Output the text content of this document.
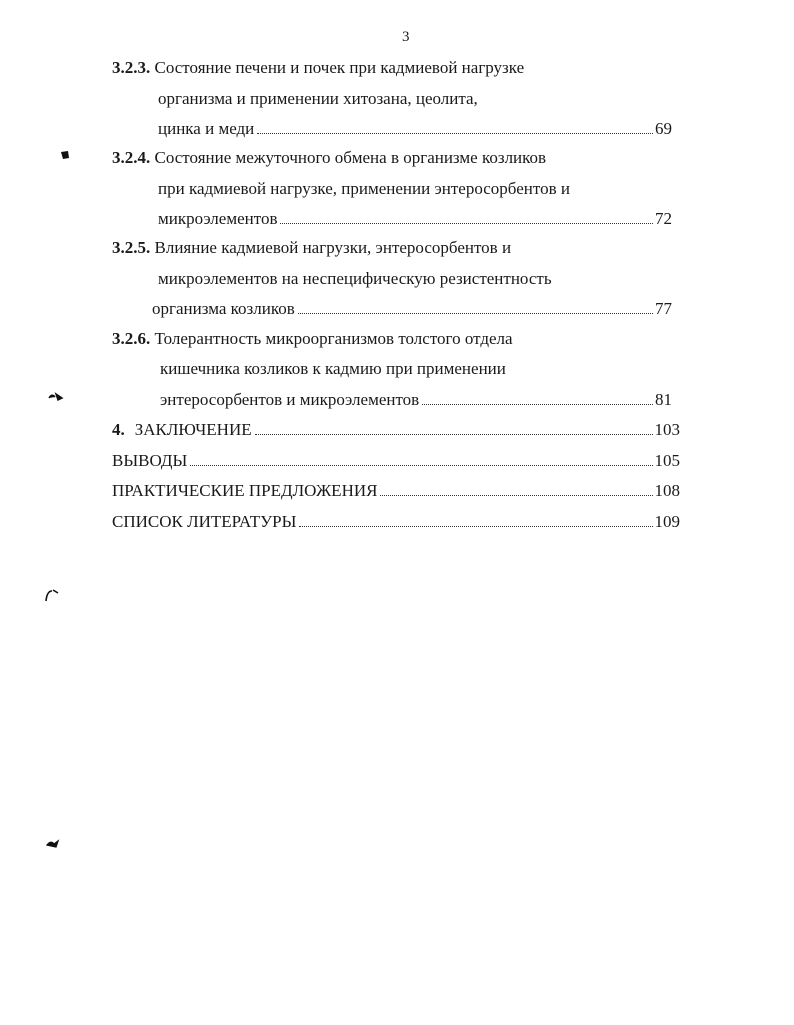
3
3.2.3. Состояние печени и почек при кадмиевой нагрузке
организма и применении хитозана, цеолита,
цинка и меди	69
3.2.4. Состояние межуточного обмена в организме козликов
при кадмиевой нагрузке, применении энтеросорбентов и
микроэлементов	72
3.2.5. Влияние кадмиевой нагрузки, энтеросорбентов и
микроэлементов на неспецифическую резистентность
организма козликов	77
3.2.6. Толерантность микроорганизмов толстого отдела
кишечника козликов к кадмию при применении
энтеросорбентов и микроэлементов	81
4. ЗАКЛЮЧЕНИЕ	103
ВЫВОДЫ	105
ПРАКТИЧЕСКИЕ ПРЕДЛОЖЕНИЯ	108
СПИСОК ЛИТЕРАТУРЫ	109
